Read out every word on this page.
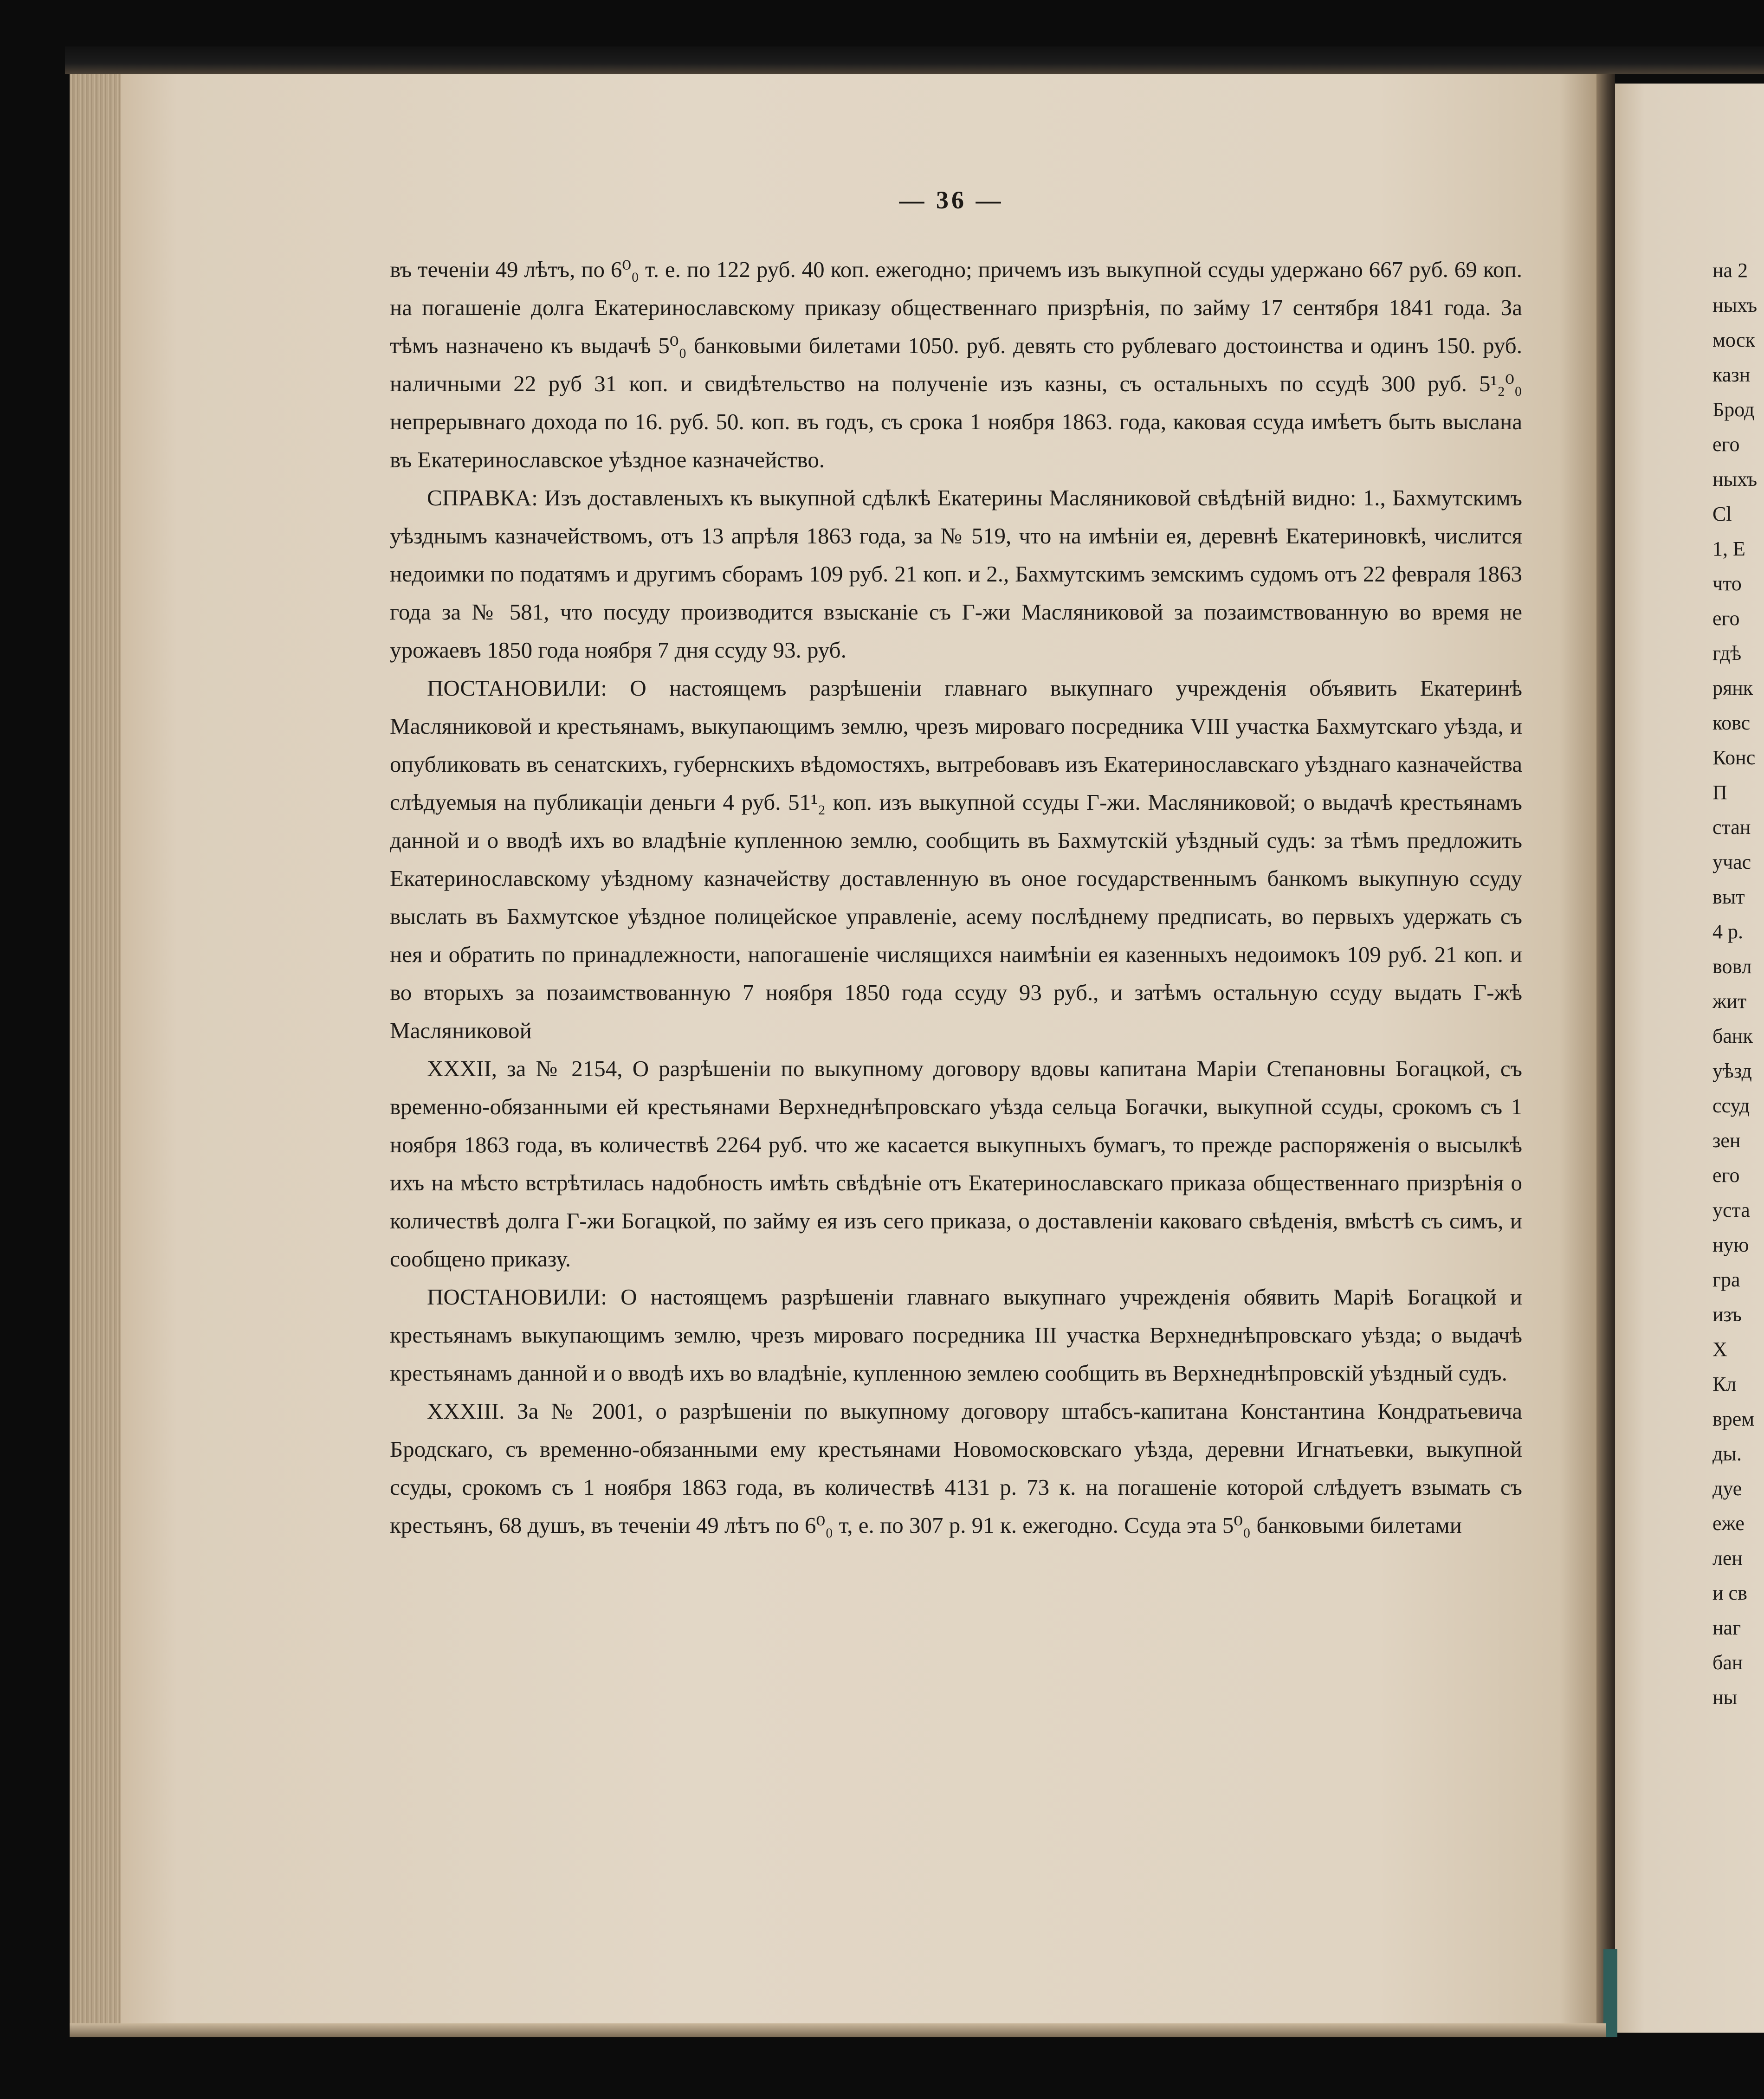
— 36 —

въ теченіи 49 лѣтъ, по 6⁰₀ т. е. по 122 руб. 40 коп. ежегодно; причемъ изъ выкупной ссуды удержано 667 руб. 69 коп. на погашеніе долга Екатеринославскому приказу общественнаго призрѣнія, по займу 17 сентября 1841 года. За тѣмъ назначено къ выдачѣ 5⁰₀ банковыми билетами 1050. руб. девять сто рублеваго достоинства и одинъ 150. руб. наличными 22 руб 31 коп. и свидѣтельство на полученіе изъ казны, съ остальныхъ по ссудѣ 300 руб. 5¹₂⁰₀ непрерывнаго дохода по 16. руб. 50. коп. въ годъ, съ срока 1 ноября 1863. года, каковая ссуда имѣетъ быть выслана въ Екатеринославское уѣздное казначейство.

СПРАВКА: Изъ доставленыхъ къ выкупной сдѣлкѣ Екатерины Масляниковой свѣдѣній видно: 1., Бахмутскимъ уѣзднымъ казначействомъ, отъ 13 апрѣля 1863 года, за № 519, что на имѣніи ея, деревнѣ Екатериновкѣ, числится недоимки по податямъ и другимъ сборамъ 109 руб. 21 коп. и 2., Бахмутскимъ земскимъ судомъ отъ 22 февраля 1863 года за № 581, что посуду производится взысканіе съ Г-жи Масляниковой за позаимствованную во время не урожаевъ 1850 года ноября 7 дня ссуду 93. руб.

ПОСТАНОВИЛИ: О настоящемъ разрѣшеніи главнаго выкупнаго учрежденія объявить Екатеринѣ Масляниковой и крестьянамъ, выкупающимъ землю, чрезъ мироваго посредника VIII участка Бахмутскаго уѣзда, и опубликовать въ сенатскихъ, губернскихъ вѣдомостяхъ, вытребовавъ изъ Екатеринославскаго уѣзднаго казначейства слѣдуемыя на публикаціи деньги 4 руб. 51¹₂ коп. изъ выкупной ссуды Г-жи. Масляниковой; о выдачѣ крестьянамъ данной и о вводѣ ихъ во владѣніе купленною землю, сообщить въ Бахмутскій уѣздный судъ: за тѣмъ предложить Екатеринославскому уѣздному казначейству доставленную въ оное государственнымъ банкомъ выкупную ссуду выслать въ Бахмутское уѣздное полицейское управленіе, асему послѣднему предписать, во первыхъ удержать съ нея и обратить по принадлежности, напогашеніе числящихся наимѣніи ея казенныхъ недоимокъ 109 руб. 21 коп. и во вторыхъ за позаимствованную 7 ноября 1850 года ссуду 93 руб., и затѣмъ остальную ссуду выдать Г-жѣ Масляниковой

XXXII, за № 2154, О разрѣшеніи по выкупному договору вдовы капитана Маріи Степановны Богацкой, съ временно-обязанными ей крестьянами Верхнеднѣпровскаго уѣзда сельца Богачки, выкупной ссуды, срокомъ съ 1 ноября 1863 года, въ количествѣ 2264 руб. что же касается выкупныхъ бумагъ, то прежде распоряженія о высылкѣ ихъ на мѣсто встрѣтилась надобность имѣть свѣдѣніе отъ Екатеринославскаго приказа общественнаго призрѣнія о количествѣ долга Г-жи Богацкой, по займу ея изъ сего приказа, о доставленіи каковаго свѣденія, вмѣстѣ съ симъ, и сообщено приказу.

ПОСТАНОВИЛИ: О настоящемъ разрѣшеніи главнаго выкупнаго учрежденія обявить Маріѣ Богацкой и крестьянамъ выкупающимъ землю, чрезъ мироваго посредника III участка Верхнеднѣпровскаго уѣзда; о выдачѣ крестьянамъ данной и о вводѣ ихъ во владѣніе, купленною землею сообщить въ Верхнеднѣпровскій уѣздный судъ.

XXXIII. За № 2001, о разрѣшеніи по выкупному договору штабсъ-капитана Константина Кондратьевича Бродскаго, съ временно-обязанными ему крестьянами Новомосковскаго уѣзда, деревни Игнатьевки, выкупной ссуды, срокомъ съ 1 ноября 1863 года, въ количествѣ 4131 р. 73 к. на погашеніе которой слѣдуетъ взымать съ крестьянъ, 68 душъ, въ теченіи 49 лѣтъ по 6⁰₀ т, е. по 307 р. 91 к. ежегодно. Ссуда эта 5⁰₀ банковыми билетами

на 2
ныхъ
моск
казн
Брод
его
ныхъ
Cl
1, Е
что
его
гдѣ
рянк
ковс
Конс
П
стан
учас
выт
4 р.
вовл
жит
банк
уѣзд
ссуд
зен
его
уста
ную
гра
изъ
Х
Кл
врем
ды.
дуе
еже
лен
и св
наг
бан
ны
